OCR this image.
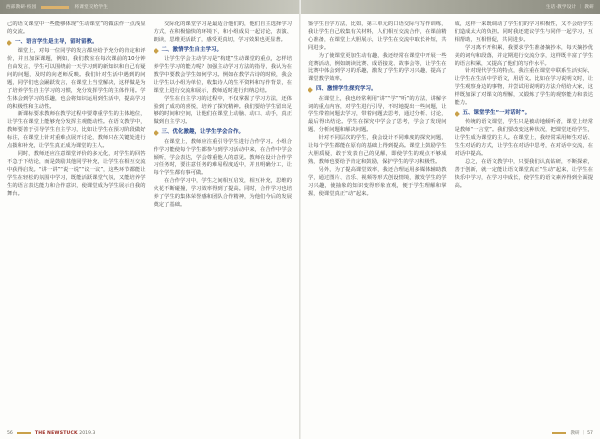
西部教研·校园	将课堂交给学生

己的语文课堂中一些能够体现“生动课堂”的做法作一点浅显的交流。

一、语言学生是主导，留时留教。

课堂上，对每一位同学的发言都应给予充分的肯定和评价，并且加深课题，例如，我们教室在每次课前的10分钟自由发言，学生可以围绕前一天学习到的新知识和自己有疑问的问题，及时的向老师反映。我们针对生活中遇到的问题，同学们也会踊跃发言，在课堂上当堂解决，这样做是为了培养学生自主学习的习惯，充分发挥学生的主体作用。学生体会到学习的乐趣，也会将知识运用到生活中，提高学习的积极性和主动性。

新课标要求教师在教学过程中要尊重学生的主体地位，让学生在课堂上能够充分发挥主观能动性。在语文教学中，教师要善于引导学生自主学习，比如让学生在预习阶段做好标注，在课堂上针对重难点展开讨论，教师只在关键处进行点拨和补充，让学生真正成为课堂的主人。

同时，教师还应注意课堂评价的多元化，对学生的回答不急于下结论，而是鼓励其他同学补充，让学生在相互交流中获得启发。“讲一讲”“说一说”“议一议”，这些环节都能让学生在轻松的氛围中学习，既能活跃课堂气氛，又能培养学生的语言表达能力和合作意识，使课堂成为学生展示自我的舞台。

交际化的课堂学习是最适合他们的，他们自主选择学习方式，在积极愉快的环境下，和小组成员一起讨论，表演、朗读，思维更活跃了，感受更真切，学习效果也更显著。

二、激情学生自主学习。

让学生学会主动学习是“构建”生动课堂的重点，怎样培养学生学习的能力呢？加强主动学习方法的指导，我认为在教学中要教会学生如何学习。例如在教学古诗的时候，我会让学生以小组为单位，收集诗人的生平资料和写作背景，在课堂上进行交流和展示，教师适时进行归纳总结。

学生在自主学习的过程中，不仅掌握了学习方法，还体验到了成功的喜悦，培养了探究精神。我们要给学生留出足够的时间和空间，让他们在课堂上动脑、动口、动手，真正做到自主学习。

三、优化激趣，让学生学会合作。

在课堂上，教师应注重引导学生进行合作学习。小组合作学习能使每个学生都参与到学习活动中来，在合作中学会倾听，学会表达，学会尊重他人的意见。教师在设计合作学习任务时，要注意任务的难易程度适中，并且明确分工，让每个学生都有事可做。

在合作学习中，学生之间相互启发，相互补充，思维的火花不断碰撞，学习效率得到了提高。同时，合作学习也培养了学生的集体荣誉感和团队合作精神，为他们今后的发展奠定了基础。

56	THE
NEWSTUCK
2019.3
生话·教学设计 ｜ 教研

鉴学生自学方法，比如，第三单元的口语交际与写作训练，我让学生自己收集有关材料，人们相互交流合作，在课前精心准备，在课堂上大胆展示，让学生在交流中取长补短，共同进步。

为了使课堂更加生动有趣，我还经常在课堂中开展一些竞赛活动，例如朗读比赛、成语接龙、故事会等，让学生在比赛中体会到学习的乐趣，激发了学生的学习兴趣，提高了课堂教学效率。

四、激情学生探究学习。

在课堂上，我也经常利用“讲”“学”“听”的方法，讲解字词的重点内容，对学生进行引导，不时地提出一些问题，让学生带着问题去学习，带着问题去思考，通过分析、讨论，最后得出结论。学生在探究中学会了思考，学会了发现问题、分析问题和解决问题。

针对不同层次的学生，我会设计不同难度的探究问题，让每个学生都能在原有的基础上得到提高。课堂上鼓励学生大胆质疑，敢于发表自己的见解，即使学生的观点不够成熟，教师也要给予肯定和鼓励，保护学生的学习积极性。

另外，为了提高课堂效率，我还合理运用多媒体辅助教学，通过图片、音乐、视频等形式创设情境，激发学生的学习兴趣，使抽象的知识变得形象直观，便于学生理解和掌握，使课堂真正“动”起来。

成，这样一来既调动了学生们的学习积极性，又不会给学生们造成太大的负担。同时我还建议学生与同伴一起学习，互相帮助，互相督促，共同进步。

学习离不开积累，我要求学生准备摘抄本，每天摘抄优美的词句和段落，并定期进行交流分享，这样既丰富了学生的语言积累，又提高了他们的写作水平。

针对现代学生的特点，我注重在课堂中联系生活实际，让学生在生活中学语文，用语文。比如在学习说明文时，让学生观察身边的事物，并尝试用说明的方法介绍给大家，这样既加深了对课文的理解，又锻炼了学生的观察能力和表达能力。

五、课堂学生“一对话时”。

传统的语文课堂，学生只是被动地倾听者，课堂上经常是教师“一言堂”。我们要改变这种状况，把课堂还给学生，让学生成为课堂的主人。在课堂上，我经常采用师生对话、生生对话的方式，让学生在对话中思考，在对话中交流，在对话中提高。

总之，在语文教学中，只要我们认真钻研，不断探索，善于创新，就一定能让语文课堂真正“生动”起来，让学生在快乐中学习，在学习中成长，使学生的语文素养得到全面提高。

教研 ｜ 57
